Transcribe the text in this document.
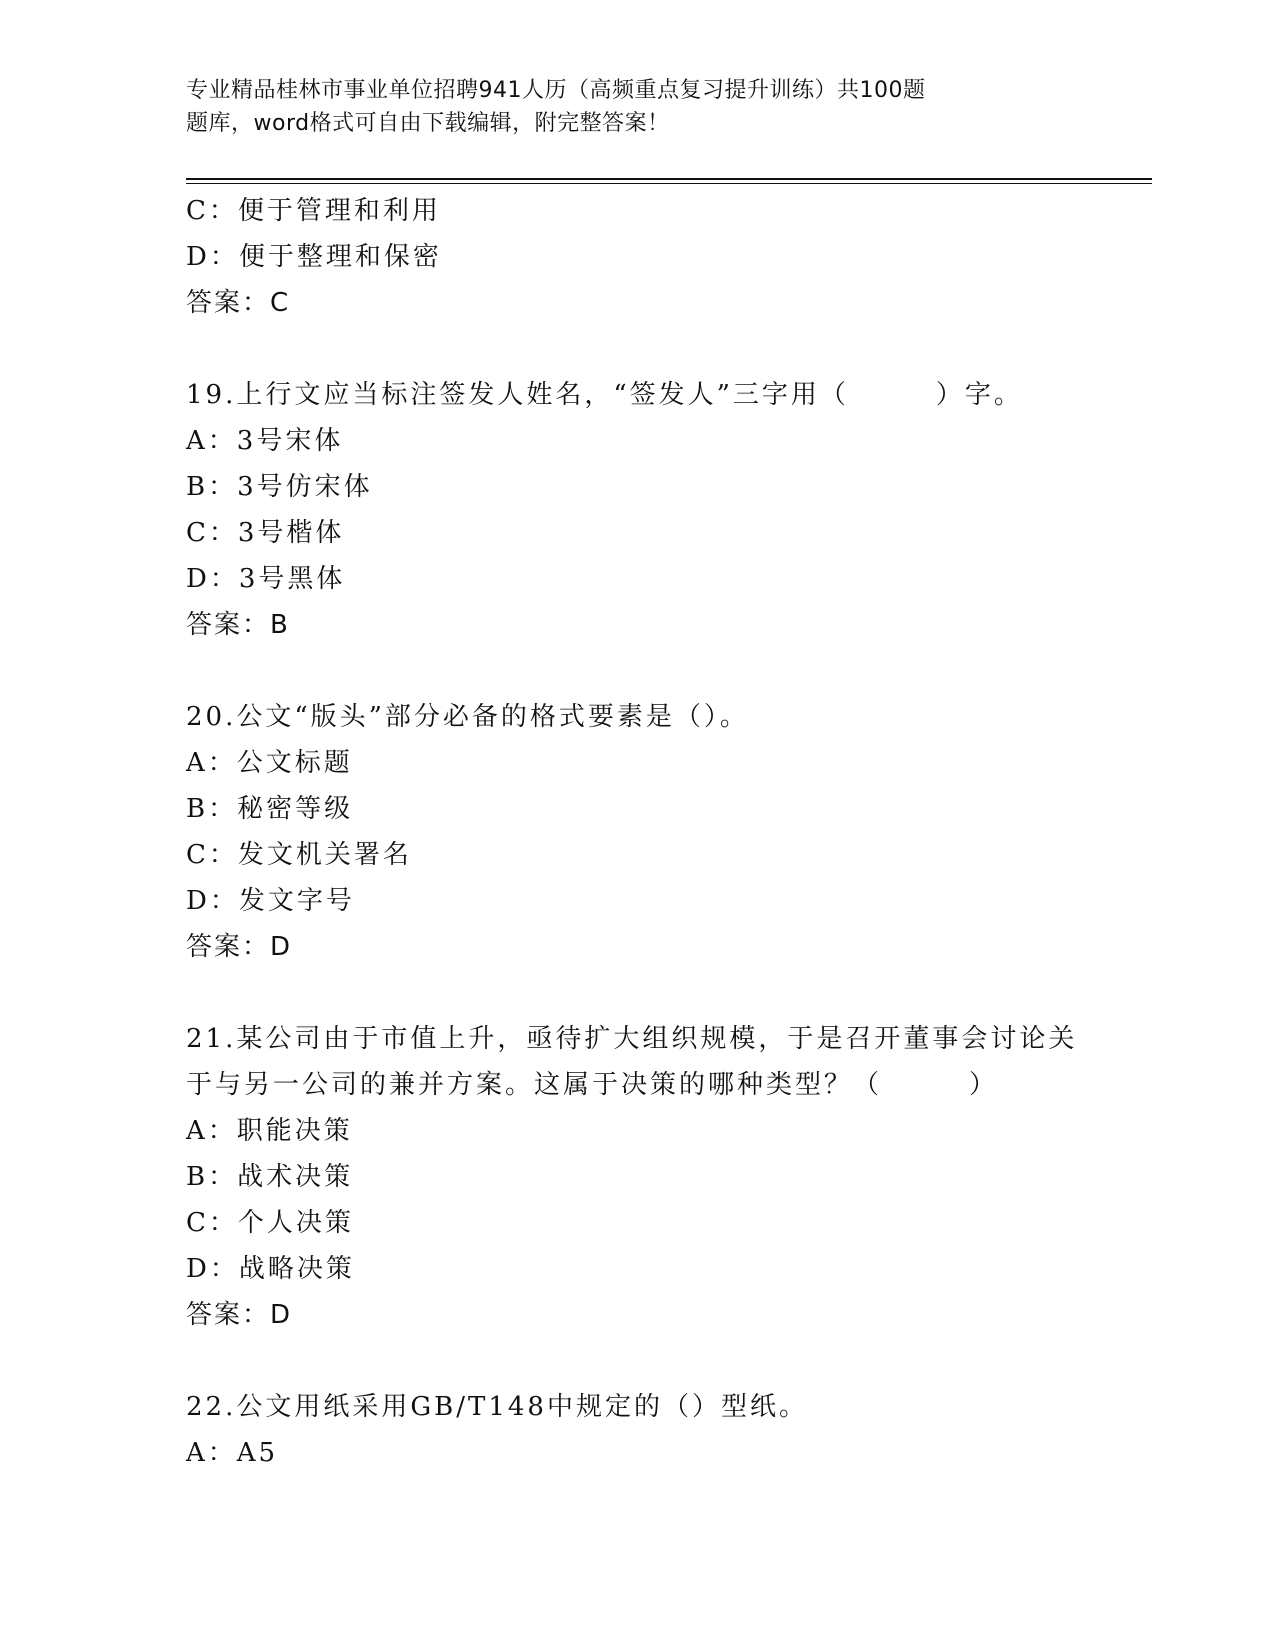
专业精品桂林市事业单位招聘941人历（高频重点复习提升训练）共100题
题库，word格式可自由下载编辑，附完整答案！
C：便于管理和利用
D：便于整理和保密
答案：C
19.上行文应当标注签发人姓名，“签发人”三字用（　　　）字。
A：3号宋体
B：3号仿宋体
C：3号楷体
D：3号黑体
答案：B
20.公文“版头”部分必备的格式要素是（）。
A：公文标题
B：秘密等级
C：发文机关署名
D：发文字号
答案：D
21.某公司由于市值上升，亟待扩大组织规模，于是召开董事会讨论关
于与另一公司的兼并方案。这属于决策的哪种类型？（　　　）
A：职能决策
B：战术决策
C：个人决策
D：战略决策
答案：D
22.公文用纸采用GB/T148中规定的（）型纸。
A：A5
